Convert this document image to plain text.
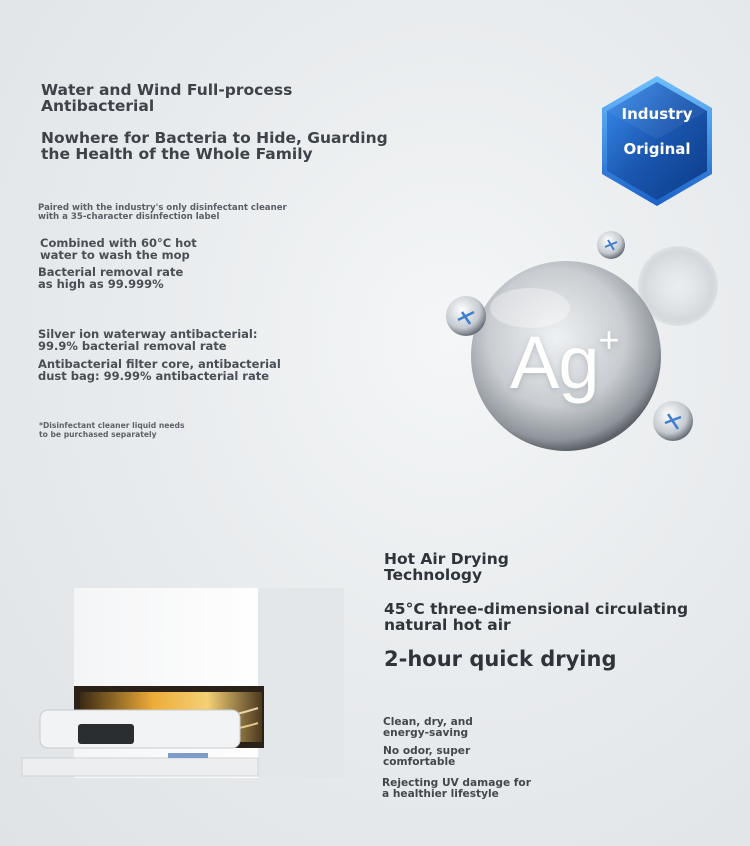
Water and Wind Full-process
Antibacterial
Nowhere for Bacteria to Hide, Guarding
the Health of the Whole Family
Paired with the industry's only disinfectant cleaner
with a 35-character disinfection label
Combined with 60°C hot
water to wash the mop
Bacterial removal rate
as high as 99.999%
Silver ion waterway antibacterial:
99.9% bacterial removal rate
Antibacterial filter core, antibacterial
dust bag: 99.99% antibacterial rate
*Disinfectant cleaner liquid needs
to be purchased separately
Industry
Original
Ag+
Hot Air Drying
Technology
45°C three-dimensional circulating
natural hot air
2-hour quick drying
Clean, dry, and
energy-saving
No odor, super
comfortable
Rejecting UV damage for
a healthier lifestyle
